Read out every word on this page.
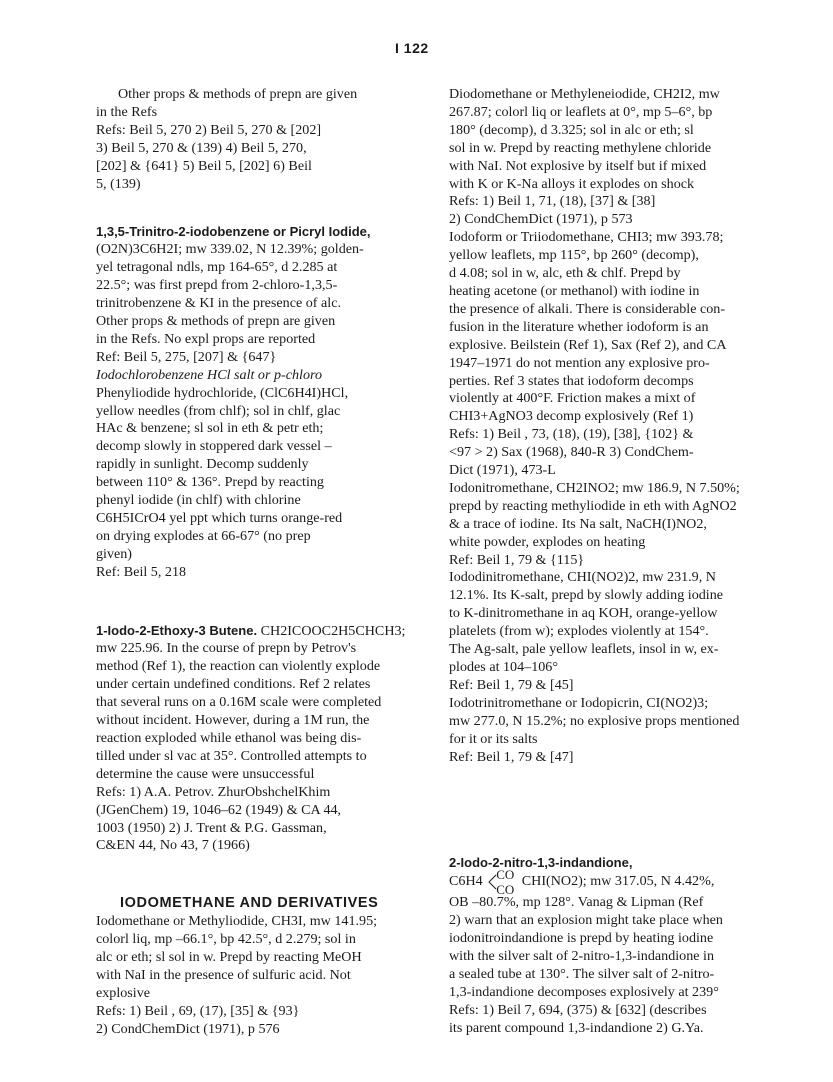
I 122
Other props & methods of prepn are given
in the Refs
Refs: Beil 5, 270 2) Beil 5, 270 & [202]
3) Beil 5, 270 & (139) 4) Beil 5, 270,
[202] & {641} 5) Beil 5, [202] 6) Beil
5, (139)
1,3,5-Trinitro-2-iodobenzene or Picryl Iodide,
(O2N)3C6H2I; mw 339.02, N 12.39%; golden-
yel tetragonal ndls, mp 164-65°, d 2.285 at
22.5°; was first prepd from 2-chloro-1,3,5-
trinitrobenzene & KI in the presence of alc.
Other props & methods of prepn are given
in the Refs. No expl props are reported
Ref: Beil 5, 275, [207] & {647}
Iodochlorobenzene HCl salt or p-chloro
Phenyliodide hydrochloride, (ClC6H4I)HCl,
yellow needles (from chlf); sol in chlf, glac
HAc & benzene; sl sol in eth & petr eth;
decomp slowly in stoppered dark vessel –
rapidly in sunlight. Decomp suddenly
between 110° & 136°. Prepd by reacting
phenyl iodide (in chlf) with chlorine
C6H5ICrO4 yel ppt which turns orange-red
on drying explodes at 66-67° (no prep
given)
Ref: Beil 5, 218
1-Iodo-2-Ethoxy-3 Butene. CH2ICOOC2H5CHCH3;
mw 225.96. In the course of prepn by Petrov's
method (Ref 1), the reaction can violently explode
under certain undefined conditions. Ref 2 relates
that several runs on a 0.16M scale were completed
without incident. However, during a 1M run, the
reaction exploded while ethanol was being dis-
tilled under sl vac at 35°. Controlled attempts to
determine the cause were unsuccessful
Refs: 1) A.A. Petrov. ZhurObshchelKhim
(JGenChem) 19, 1046–62 (1949) & CA 44,
1003 (1950) 2) J. Trent & P.G. Gassman,
C&EN 44, No 43, 7 (1966)
IODOMETHANE AND DERIVATIVES
Iodomethane or Methyliodide, CH3I, mw 141.95;
colorl liq, mp –66.1°, bp 42.5°, d 2.279; sol in
alc or eth; sl sol in w. Prepd by reacting MeOH
with NaI in the presence of sulfuric acid. Not
explosive
Refs: 1) Beil , 69, (17), [35] & {93}
2) CondChemDict (1971), p 576
Diodomethane or Methyleneiodide, CH2I2, mw
267.87; colorl liq or leaflets at 0°, mp 5–6°, bp
180° (decomp), d 3.325; sol in alc or eth; sl
sol in w. Prepd by reacting methylene chloride
with NaI. Not explosive by itself but if mixed
with K or K-Na alloys it explodes on shock
Refs: 1) Beil 1, 71, (18), [37] & [38]
2) CondChemDict (1971), p 573
Iodoform or Triiodomethane, CHI3; mw 393.78;
yellow leaflets, mp 115°, bp 260° (decomp),
d 4.08; sol in w, alc, eth & chlf. Prepd by
heating acetone (or methanol) with iodine in
the presence of alkali. There is considerable con-
fusion in the literature whether iodoform is an
explosive. Beilstein (Ref 1), Sax (Ref 2), and CA
1947–1971 do not mention any explosive pro-
perties. Ref 3 states that iodoform decomps
violently at 400°F. Friction makes a mixt of
CHI3+AgNO3 decomp explosively (Ref 1)
Refs: 1) Beil , 73, (18), (19), [38], {102} &
<97 > 2) Sax (1968), 840-R 3) CondChem-
Dict (1971), 473-L
Iodonitromethane, CH2INO2; mw 186.9, N 7.50%;
prepd by reacting methyliodide in eth with AgNO2
& a trace of iodine. Its Na salt, NaCH(I)NO2,
white powder, explodes on heating
Ref: Beil 1, 79 & {115}
Iododinitromethane, CHI(NO2)2, mw 231.9, N
12.1%. Its K-salt, prepd by slowly adding iodine
to K-dinitromethane in aq KOH, orange-yellow
platelets (from w); explodes violently at 154°.
The Ag-salt, pale yellow leaflets, insol in w, ex-
plodes at 104–106°
Ref: Beil 1, 79 & [45]
Iodotrinitromethane or Iodopicrin, CI(NO2)3;
mw 277.0, N 15.2%; no explosive props mentioned
for it or its salts
Ref: Beil 1, 79 & [47]
2-Iodo-2-nitro-1,3-indandione,
C6H4 CO
CO
CHI(NO2); mw 317.05, N 4.42%,
OB –80.7%, mp 128°. Vanag & Lipman (Ref
2) warn that an explosion might take place when
iodonitroindandione is prepd by heating iodine
with the silver salt of 2-nitro-1,3-indandione in
a sealed tube at 130°. The silver salt of 2-nitro-
1,3-indandione decomposes explosively at 239°
Refs: 1) Beil 7, 694, (375) & [632] (describes
its parent compound 1,3-indandione 2) G.Ya.
